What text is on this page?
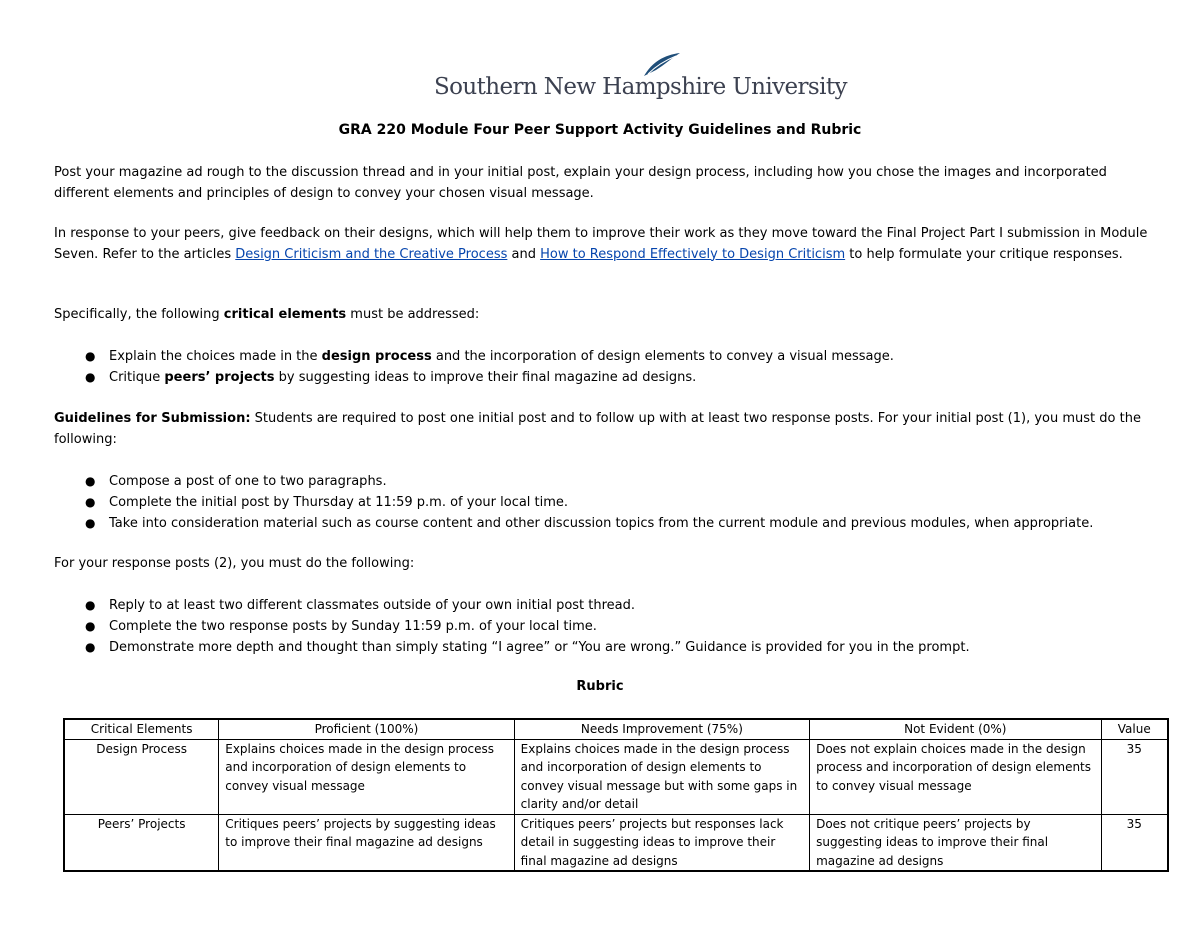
Southern New Hampshire University
GRA 220 Module Four Peer Support Activity Guidelines and Rubric

Post your magazine ad rough to the discussion thread and in your initial post, explain your design process, including how you chose the images and incorporated different elements and principles of design to convey your chosen visual message.

In response to your peers, give feedback on their designs, which will help them to improve their work as they move toward the Final Project Part I submission in Module Seven. Refer to the articles Design Criticism and the Creative Process and How to Respond Effectively to Design Criticism to help formulate your critique responses.

Specifically, the following critical elements must be addressed:

● Explain the choices made in the design process and the incorporation of design elements to convey a visual message.
● Critique peers’ projects by suggesting ideas to improve their final magazine ad designs.

Guidelines for Submission: Students are required to post one initial post and to follow up with at least two response posts. For your initial post (1), you must do the following:

● Compose a post of one to two paragraphs.
● Complete the initial post by Thursday at 11:59 p.m. of your local time.
● Take into consideration material such as course content and other discussion topics from the current module and previous modules, when appropriate.

For your response posts (2), you must do the following:

● Reply to at least two different classmates outside of your own initial post thread.
● Complete the two response posts by Sunday 11:59 p.m. of your local time.
● Demonstrate more depth and thought than simply stating “I agree” or “You are wrong.” Guidance is provided for you in the prompt.
Rubric
Critical Elements	Proficient (100%)	Needs Improvement (75%)	Not Evident (0%)	Value
Design Process	Explains choices made in the design process and incorporation of design elements to convey visual message	Explains choices made in the design process and incorporation of design elements to convey visual message but with some gaps in clarity and/or detail	Does not explain choices made in the design process and incorporation of design elements to convey visual message	35
Peers’ Projects	Critiques peers’ projects by suggesting ideas to improve their final magazine ad designs	Critiques peers’ projects but responses lack detail in suggesting ideas to improve their final magazine ad designs	Does not critique peers’ projects by suggesting ideas to improve their final magazine ad designs	35
